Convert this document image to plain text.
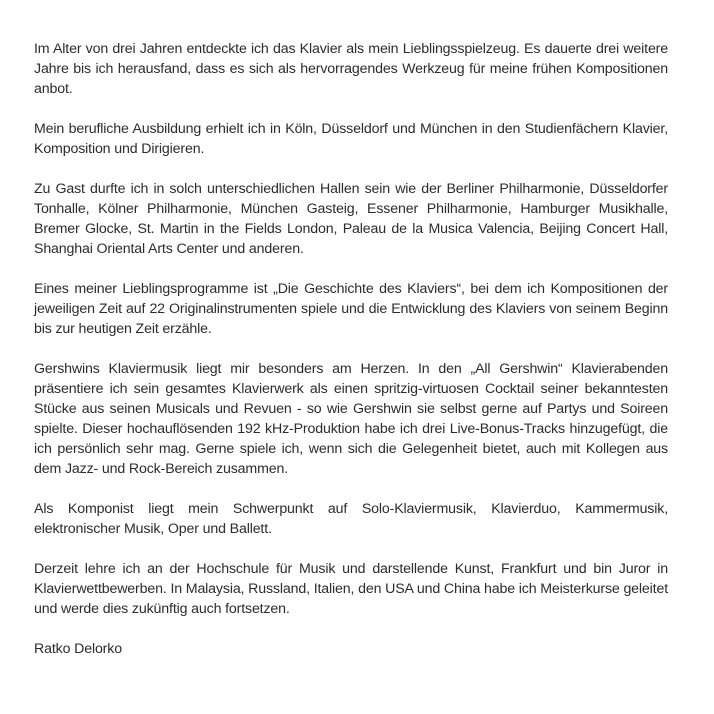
Im Alter von drei Jahren entdeckte ich das Klavier als mein Lieblingsspielzeug. Es dauerte drei weitere Jahre bis ich herausfand, dass es sich als hervorragendes Werkzeug für meine frühen Kompositionen anbot.

Mein berufliche Ausbildung erhielt ich in Köln, Düsseldorf und München in den Studienfächern Klavier, Komposition und Dirigieren.

Zu Gast durfte ich in solch unterschiedlichen Hallen sein wie der Berliner Philharmonie, Düsseldorfer Tonhalle, Kölner Philharmonie, München Gasteig, Essener Philharmonie, Hamburger Musikhalle, Bremer Glocke, St. Martin in the Fields London, Paleau de la Musica Valencia, Beijing Concert Hall, Shanghai Oriental Arts Center und anderen.

Eines meiner Lieblingsprogramme ist „Die Geschichte des Klaviers“, bei dem ich Kompositionen der jeweiligen Zeit auf 22 Originalinstrumenten spiele und die Entwicklung des Klaviers von seinem Beginn bis zur heutigen Zeit erzähle.

Gershwins Klaviermusik liegt mir besonders am Herzen. In den „All Gershwin“ Klavierabenden präsentiere ich sein gesamtes Klavierwerk als einen spritzig-virtuosen Cocktail seiner bekanntesten Stücke aus seinen Musicals und Revuen - so wie Gershwin sie selbst gerne auf Partys und Soireen spielte. Dieser hochauflösenden 192 kHz-Produktion habe ich drei Live-Bonus-Tracks hinzugefügt, die ich persönlich sehr mag. Gerne spiele ich, wenn sich die Gelegenheit bietet, auch mit Kollegen aus dem Jazz- und Rock-Bereich zusammen.

Als Komponist liegt mein Schwerpunkt auf Solo-Klaviermusik, Klavierduo, Kammermusik, elektronischer Musik, Oper und Ballett.

Derzeit lehre ich an der Hochschule für Musik und darstellende Kunst, Frankfurt und bin Juror in Klavierwettbewerben. In Malaysia, Russland, Italien, den USA und China habe ich Meisterkurse geleitet und werde dies zukünftig auch fortsetzen.

Ratko Delorko
